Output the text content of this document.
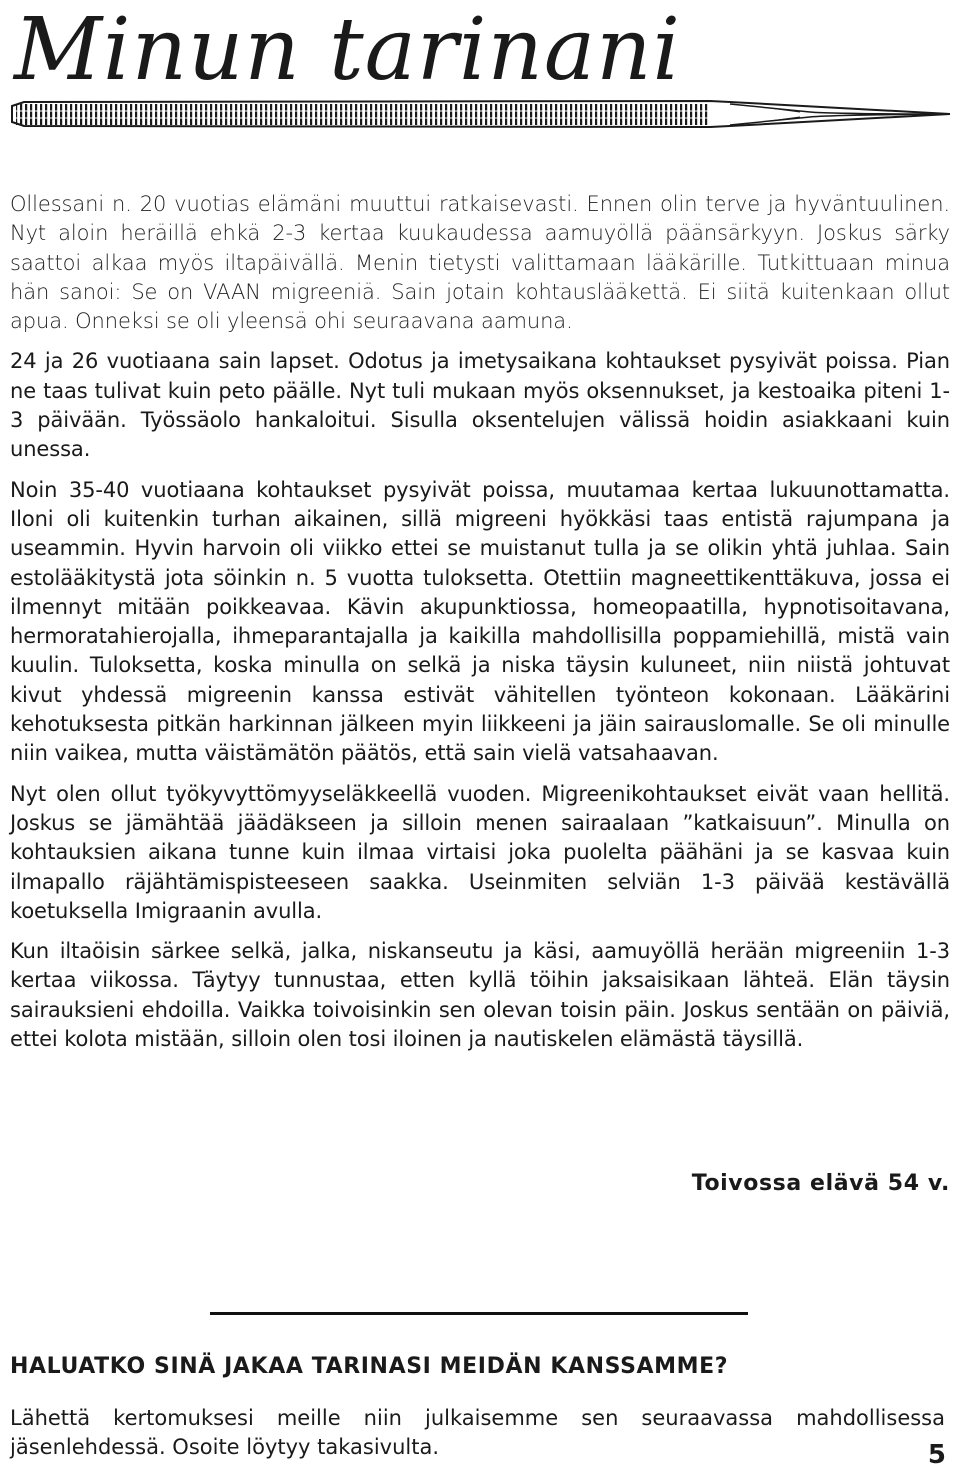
Minun tarinani

Ollessani n. 20 vuotias elämäni muuttui ratkaisevasti. Ennen olin terve ja hyväntuulinen. Nyt aloin heräillä ehkä 2-3 kertaa kuukaudessa aamuyöllä päänsärkyyn. Joskus särky saattoi alkaa myös iltapäivällä. Menin tietysti valittamaan lääkärille. Tutkittuaan minua hän sanoi: Se on VAAN migreeniä. Sain jotain kohtauslääkettä. Ei siitä kuitenkaan ollut apua. Onneksi se oli yleensä ohi seuraavana aamuna.

24 ja 26 vuotiaana sain lapset. Odotus ja imetysaikana kohtaukset pysyivät poissa. Pian ne taas tulivat kuin peto päälle. Nyt tuli mukaan myös oksennukset, ja kestoaika piteni 1-3 päivään. Työssäolo hankaloitui. Sisulla oksentelujen välissä hoidin asiakkaani kuin unessa.

Noin 35-40 vuotiaana kohtaukset pysyivät poissa, muutamaa kertaa lukuunottamatta. Iloni oli kuitenkin turhan aikainen, sillä migreeni hyökkäsi taas entistä rajumpana ja useammin. Hyvin harvoin oli viikko ettei se muistanut tulla ja se olikin yhtä juhlaa. Sain estolääkitystä jota söinkin n. 5 vuotta tuloksetta. Otettiin magneettikenttäkuva, jossa ei ilmennyt mitään poikkeavaa. Kävin akupunktiossa, homeopaatilla, hypnotisoitavana, hermoratahierojalla, ihmeparantajalla ja kaikilla mahdollisilla poppamiehillä, mistä vain kuulin. Tuloksetta, koska minulla on selkä ja niska täysin kuluneet, niin niistä johtuvat kivut yhdessä migreenin kanssa estivät vähitellen työnteon kokonaan. Lääkärini kehotuksesta pitkän harkinnan jälkeen myin liikkeeni ja jäin sairauslomalle. Se oli minulle niin vaikea, mutta väistämätön päätös, että sain vielä vatsahaavan.

Nyt olen ollut työkyvyttömyyseläkkeellä vuoden. Migreenikohtaukset eivät vaan hellitä. Joskus se jämähtää jäädäkseen ja silloin menen sairaalaan ”katkaisuun”. Minulla on kohtauksien aikana tunne kuin ilmaa virtaisi joka puolelta päähäni ja se kasvaa kuin ilmapallo räjähtämispisteeseen saakka. Useinmiten selviän 1-3 päivää kestävällä koetuksella Imigraanin avulla.

Kun iltaöisin särkee selkä, jalka, niskanseutu ja käsi, aamuyöllä herään migreeniin 1-3 kertaa viikossa. Täytyy tunnustaa, etten kyllä töihin jaksaisikaan lähteä. Elän täysin sairauksieni ehdoilla. Vaikka toivoisinkin sen olevan toisin päin. Joskus sentään on päiviä, ettei kolota mistään, silloin olen tosi iloinen ja nautiskelen elämästä täysillä.

Toivossa elävä 54 v.
HALUATKO SINÄ JAKAA TARINASI MEIDÄN KANSSAMME?

Lähettä kertomuksesi meille niin julkaisemme sen seuraavassa mahdollisessa jäsenlehdessä. Osoite löytyy takasivulta.	5
